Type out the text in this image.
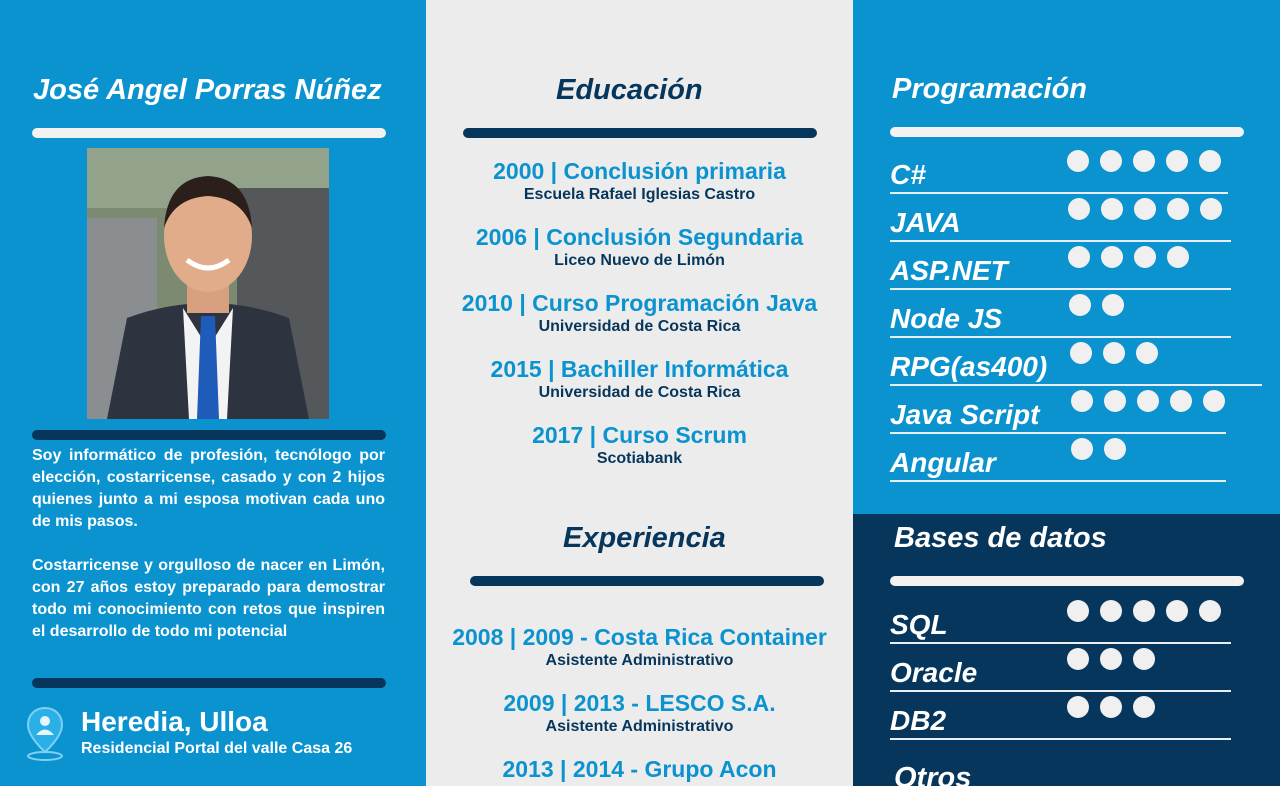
José Angel Porras Núñez

Soy informático de profesión, tecnólogo por elección, costarricense, casado y con 2 hijos quienes junto a mi esposa motivan cada uno de mis pasos.

Costarricense y orgulloso de nacer en Limón, con 27 años estoy preparado para demostrar todo mi conocimiento con retos que inspiren el desarrollo de todo mi potencial

Heredia, Ulloa
Residencial Portal del valle Casa 26
Educación
2000 | Conclusión primaria
Escuela Rafael Iglesias Castro
2006 | Conclusión Segundaria
Liceo Nuevo de Limón
2010 | Curso Programación Java
Universidad de Costa Rica
2015 | Bachiller Informática
Universidad de Costa Rica
2017 | Curso Scrum
Scotiabank
Experiencia
2008 | 2009 - Costa Rica Container
Asistente Administrativo
2009 | 2013 - LESCO S.A.
Asistente Administrativo
2013 | 2014 - Grupo Acon
Programación
C#
JAVA
ASP.NET
Node JS
RPG(as400)
Java Script
Angular
Bases de datos
SQL
Oracle
DB2
Otros
